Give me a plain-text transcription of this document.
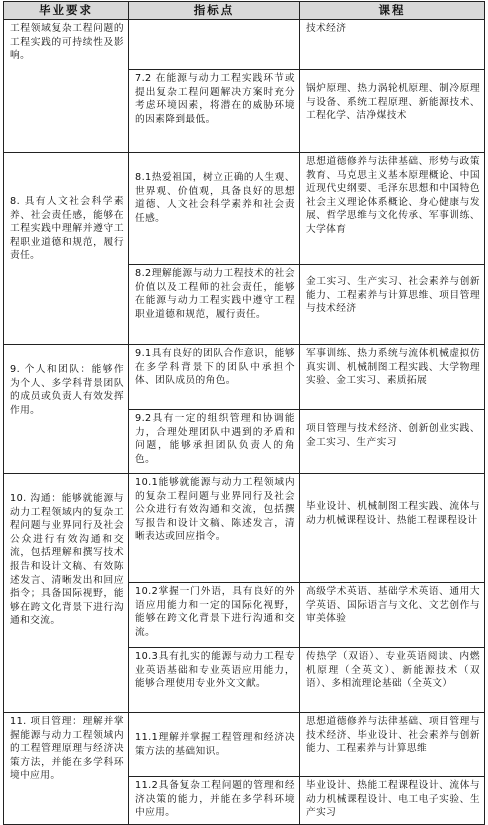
毕业要求	指标点	课程
工程领域复杂工程问题的工程实践的可持续性及影响。		技术经济
	7.2 在能源与动力工程实践环节或提出复杂工程问题解决方案时充分考虑环境因素，将潜在的威胁环境的因素降到最低。	锅炉原理、热力涡轮机原理、制冷原理与设备、系统工程原理、新能源技术、工程化学、洁净煤技术
8. 具有人文社会科学素养、社会责任感，能够在工程实践中理解并遵守工程职业道德和规范，履行责任。	8.1热爱祖国，树立正确的人生观、世界观、价值观，具备良好的思想道德、人文社会科学素养和社会责任感。	思想道德修养与法律基础、形势与政策教育、马克思主义基本原理概论、中国近现代史纲要、毛泽东思想和中国特色社会主义理论体系概论、身心健康与发展、哲学思维与文化传承、军事训练、大学体育
	8.2理解能源与动力工程技术的社会价值以及工程师的社会责任，能够在能源与动力工程实践中遵守工程职业道德和规范，履行责任。	金工实习、生产实习、社会素养与创新能力、工程素养与计算思维、项目管理与技术经济
9. 个人和团队：能够作为个人、多学科背景团队的成员或负责人有效发挥作用。	9.1具有良好的团队合作意识，能够在多学科背景下的团队中承担个体、团队成员的角色。	军事训练、热力系统与流体机械虚拟仿真实训、机械制图工程实践、大学物理实验、金工实习、素质拓展
	9.2具有一定的组织管理和协调能力，合理处理团队中遇到的矛盾和问题，能够承担团队负责人的角色。	项目管理与技术经济、创新创业实践、金工实习、生产实习
10. 沟通：能够就能源与动力工程领域内的复杂工程问题与业界同行及社会公众进行有效沟通和交流，包括理解和撰写技术报告和设计文稿、有效陈述发言、清晰发出和回应指令；具备国际视野，能够在跨文化背景下进行沟通和交流。	10.1能够就能源与动力工程领域内的复杂工程问题与业界同行及社会公众进行有效沟通和交流，包括撰写报告和设计文稿、陈述发言，清晰表达或回应指令。	毕业设计、机械制图工程实践、流体与动力机械课程设计、热能工程课程设计
	10.2掌握一门外语，具有良好的外语应用能力和一定的国际化视野，能够在跨文化背景下进行沟通和交流。	高级学术英语、基础学术英语、通用大学英语、国际语言与文化、文艺创作与审美体验
	10.3具有扎实的能源与动力工程专业英语基础和专业英语应用能力，能够合理使用专业外文文献。	传热学（双语）、专业英语阅读、内燃机原理（全英文）、新能源技术（双语）、多相流理论基础（全英文）
11. 项目管理：理解并掌握能源与动力工程领域内的工程管理原理与经济决策方法，并能在多学科环境中应用。	11.1理解并掌握工程管理和经济决策方法的基础知识。	思想道德修养与法律基础、项目管理与技术经济、毕业设计、社会素养与创新能力、工程素养与计算思维
	11.2具备复杂工程问题的管理和经济决策的能力，并能在多学科环境中应用。	毕业设计、热能工程课程设计、流体与动力机械课程设计、电工电子实验、生产实习
